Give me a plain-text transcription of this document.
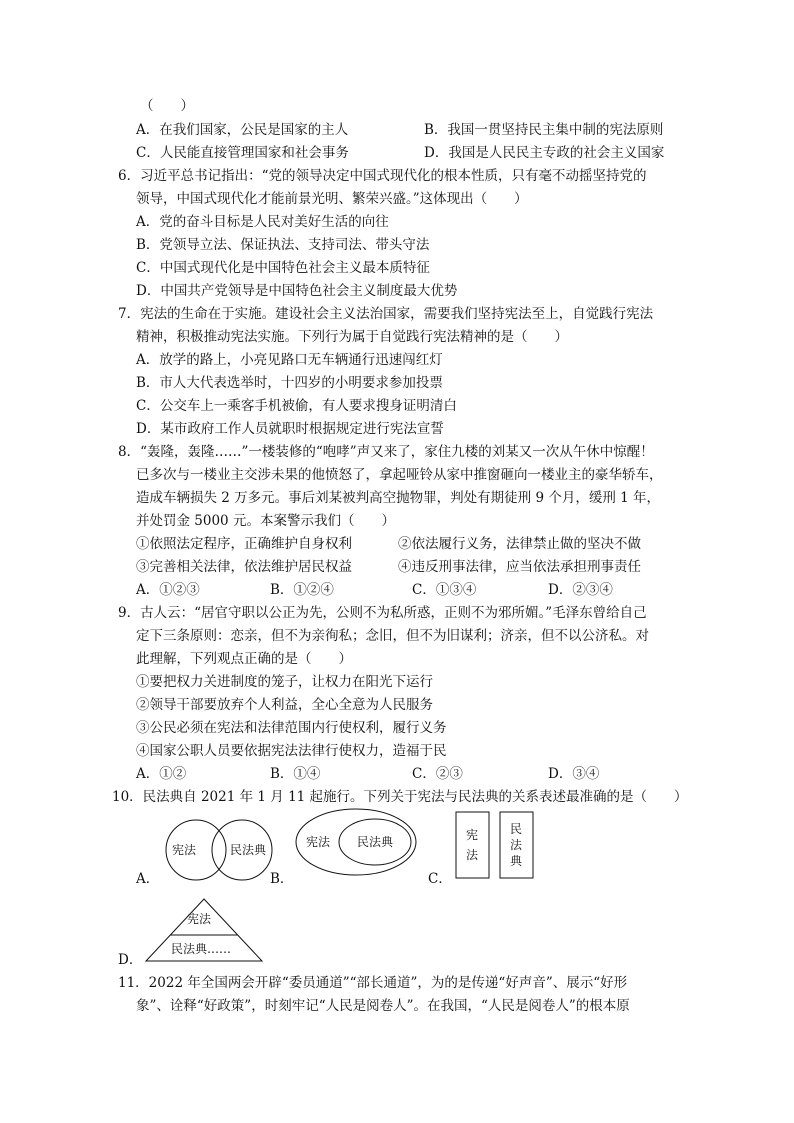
（　　）
A．在我们国家，公民是国家的主人	B．我国一贯坚持民主集中制的宪法原则
C．人民能直接管理国家和社会事务	D．我国是人民民主专政的社会主义国家
6．习近平总书记指出：“党的领导决定中国式现代化的根本性质，只有毫不动摇坚持党的
领导，中国式现代化才能前景光明、繁荣兴盛。”这体现出（　　）
A．党的奋斗目标是人民对美好生活的向往
B．党领导立法、保证执法、支持司法、带头守法
C．中国式现代化是中国特色社会主义最本质特征
D．中国共产党领导是中国特色社会主义制度最大优势
7．宪法的生命在于实施。建设社会主义法治国家，需要我们坚持宪法至上，自觉践行宪法
精神，积极推动宪法实施。下列行为属于自觉践行宪法精神的是（　　）
A．放学的路上，小亮见路口无车辆通行迅速闯红灯
B．市人大代表选举时，十四岁的小明要求参加投票
C．公交车上一乘客手机被偷，有人要求搜身证明清白
D．某市政府工作人员就职时根据规定进行宪法宣誓
8．“轰隆，轰隆……”一楼装修的“咆哮”声又来了，家住九楼的刘某又一次从午休中惊醒！
已多次与一楼业主交涉未果的他愤怒了，拿起哑铃从家中推窗砸向一楼业主的豪华轿车，
造成车辆损失 2 万多元。事后刘某被判高空抛物罪，判处有期徒刑 9 个月，缓刑 1 年，
并处罚金 5000 元。本案警示我们（　　）
①依照法定程序，正确维护自身权利	②依法履行义务，法律禁止做的坚决不做
③完善相关法律，依法维护居民权益	④违反刑事法律，应当依法承担刑事责任
A．①②③	B．①②④	C．①③④	D．②③④
9．古人云：“居官守职以公正为先，公则不为私所惑，正则不为邪所媚。”毛泽东曾给自己
定下三条原则：恋亲，但不为亲徇私；念旧，但不为旧谋利；济亲，但不以公济私。对
此理解，下列观点正确的是（　　）
①要把权力关进制度的笼子，让权力在阳光下运行
②领导干部要放弃个人利益，全心全意为人民服务
③公民必须在宪法和法律范围内行使权利，履行义务
④国家公职人员要依据宪法法律行使权力，造福于民
A．①②	B．①④	C．②③	D．③④
10．民法典自 2021 年 1 月 11 起施行。下列关于宪法与民法典的关系表述最准确的是（　　）
A．
宪法	民法典
B．
宪法 民法典
C．
宪
法
民
法
典
D．
宪法
民法典……
11．2022 年全国两会开辟“委员通道”“部长通道”，为的是传递“好声音”、展示“好形
象”、诠释“好政策”，时刻牢记“人民是阅卷人”。在我国，“人民是阅卷人”的根本原
